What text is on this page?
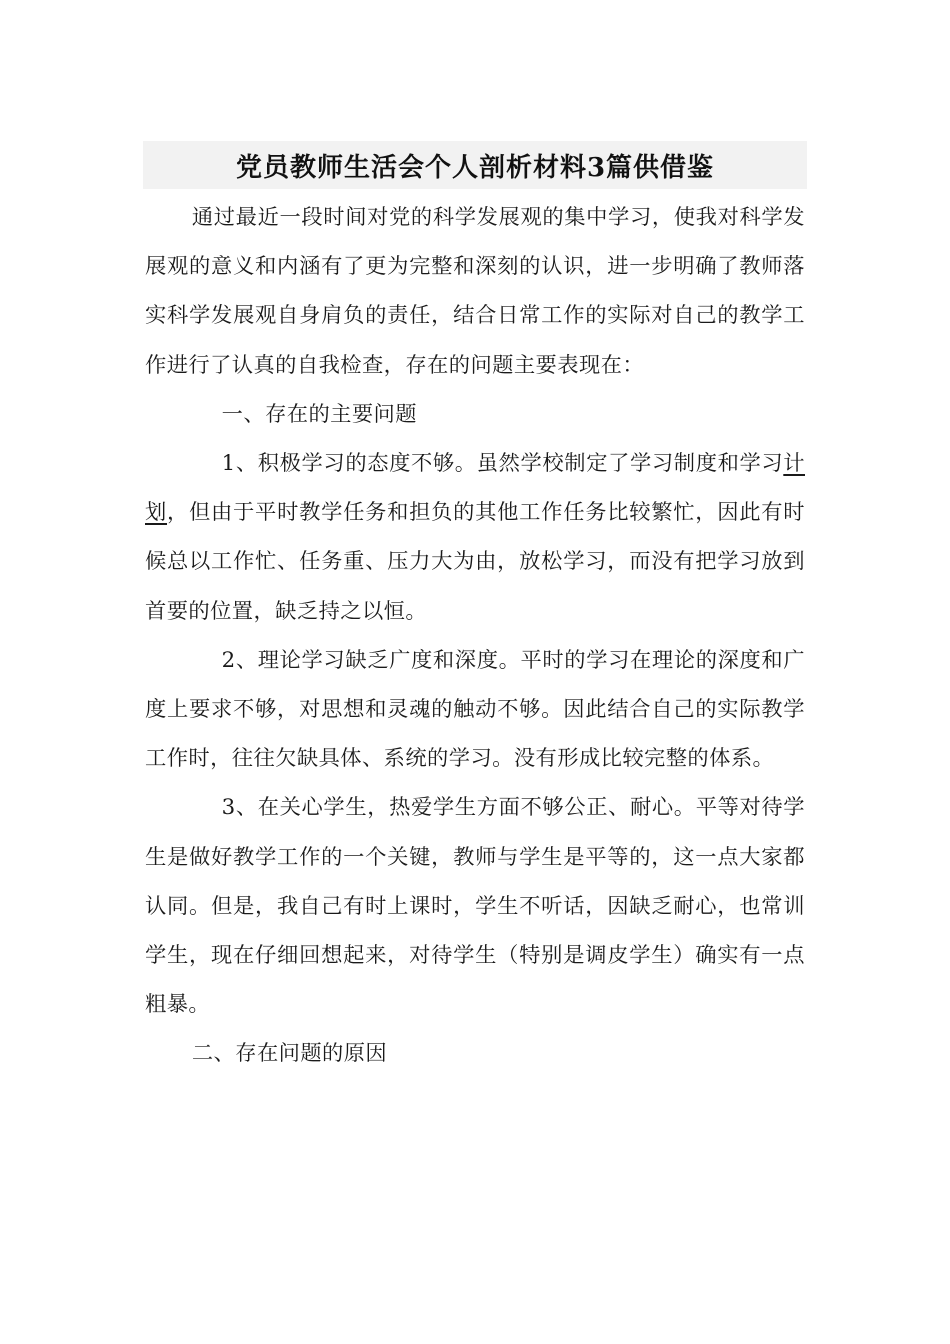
党员教师生活会个人剖析材料3篇供借鉴

通过最近一段时间对党的科学发展观的集中学习，使我对科学发展观的意义和内涵有了更为完整和深刻的认识，进一步明确了教师落实科学发展观自身肩负的责任，结合日常工作的实际对自己的教学工作进行了认真的自我检查，存在的问题主要表现在：

一、存在的主要问题

1、积极学习的态度不够。虽然学校制定了学习制度和学习计划，但由于平时教学任务和担负的其他工作任务比较繁忙，因此有时候总以工作忙、任务重、压力大为由，放松学习，而没有把学习放到首要的位置，缺乏持之以恒。

2、理论学习缺乏广度和深度。平时的学习在理论的深度和广度上要求不够，对思想和灵魂的触动不够。因此结合自己的实际教学工作时，往往欠缺具体、系统的学习。没有形成比较完整的体系。

3、在关心学生，热爱学生方面不够公正、耐心。平等对待学生是做好教学工作的一个关键，教师与学生是平等的，这一点大家都认同。但是，我自己有时上课时，学生不听话，因缺乏耐心，也常训学生，现在仔细回想起来，对待学生（特别是调皮学生）确实有一点粗暴。

二、存在问题的原因
